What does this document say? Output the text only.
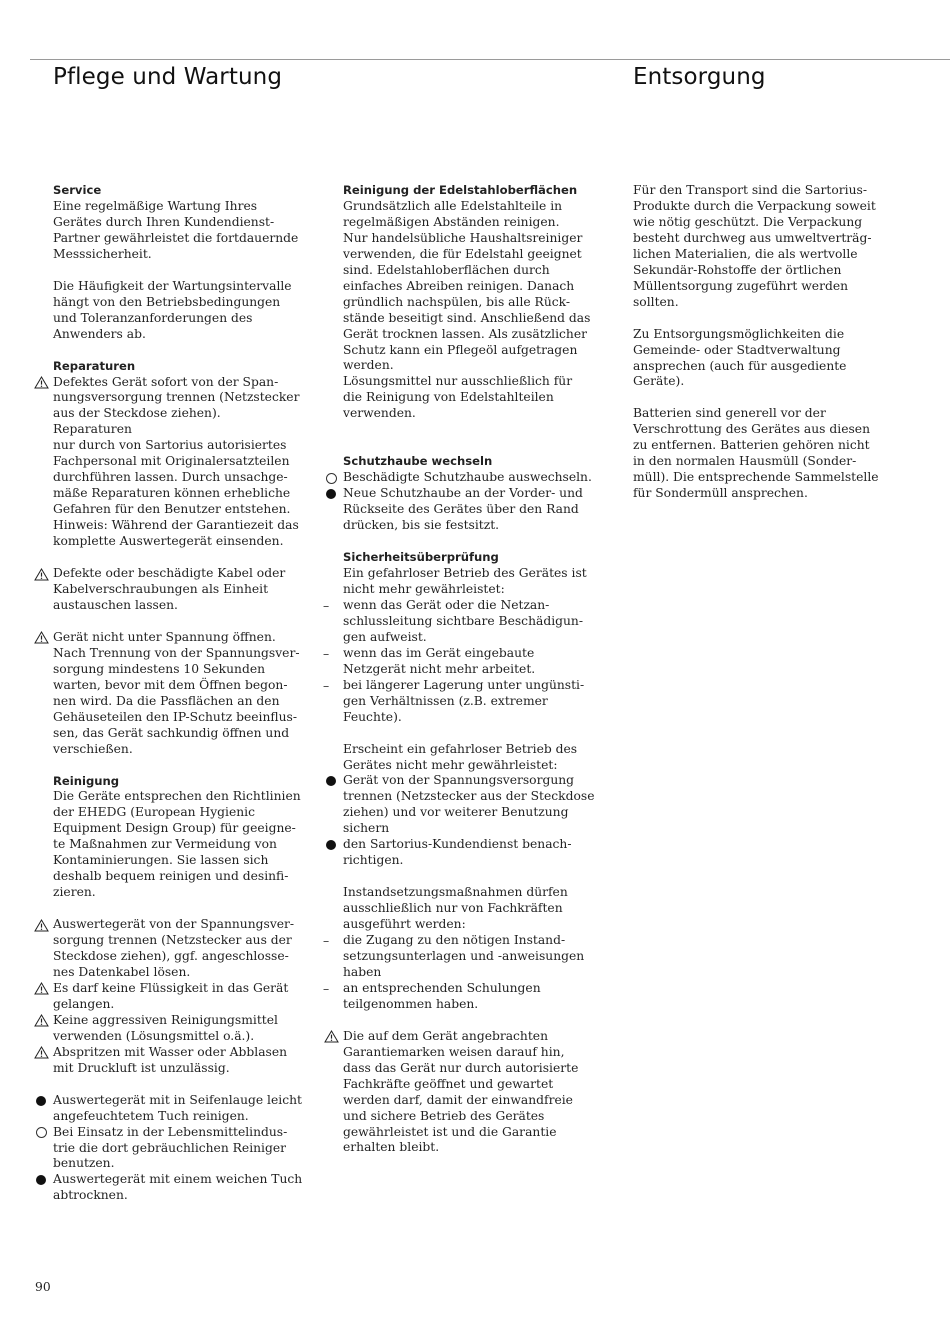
Pflege und Wartung	Entsorgung

Service

Eine regelmäßige Wartung Ihres
Gerätes durch Ihren Kundendienst-
Partner gewährleistet die fortdauernde
Messsicherheit.
Die Häufigkeit der Wartungsintervalle
hängt von den Betriebsbedingungen
und Toleranzanforderungen des
Anwenders ab.

Reparaturen

Defektes Gerät sofort von der Span-
nungsversorgung trennen (Netzstecker
aus der Steckdose ziehen). Reparaturen
nur durch von Sartorius autorisiertes
Fachpersonal mit Originalersatzteilen
durchführen lassen. Durch unsachge-
mäße Reparaturen können erhebliche
Gefahren für den Benutzer entstehen.
Hinweis: Während der Garantiezeit das
komplette Auswertegerät einsenden.
Defekte oder beschädigte Kabel oder
Kabelverschraubungen als Einheit
austauschen lassen.
Gerät nicht unter Spannung öffnen.
Nach Trennung von der Spannungsver-
sorgung mindestens 10 Sekunden
warten, bevor mit dem Öffnen begon-
nen wird. Da die Passflächen an den
Gehäuseteilen den IP-Schutz beeinflus-
sen, das Gerät sachkundig öffnen und
verschießen.

Reinigung

Die Geräte entsprechen den Richtlinien
der EHEDG (European Hygienic
Equipment Design Group) für geeigne-
te Maßnahmen zur Vermeidung von
Kontaminierungen. Sie lassen sich
deshalb bequem reinigen und desinfi-
zieren.
Auswertegerät von der Spannungsver-
sorgung trennen (Netzstecker aus der
Steckdose ziehen), ggf. angeschlosse-
nes Datenkabel lösen.
Es darf keine Flüssigkeit in das Gerät
gelangen.
Keine aggressiven Reinigungsmittel
verwenden (Lösungsmittel o.ä.).
Abspritzen mit Wasser oder Abblasen
mit Druckluft ist unzulässig.
Auswertegerät mit in Seifenlauge leicht
angefeuchtetem Tuch reinigen.
Bei Einsatz in der Lebensmittelindus-
trie die dort gebräuchlichen Reiniger
benutzen.
Auswertegerät mit einem weichen Tuch
abtrocknen.

Reinigung der Edelstahloberflächen

Grundsätzlich alle Edelstahlteile in
regelmäßigen Abständen reinigen.
Nur handelsübliche Haushaltsreiniger
verwenden, die für Edelstahl geeignet
sind. Edelstahloberflächen durch
einfaches Abreiben reinigen. Danach
gründlich nachspülen, bis alle Rück-
stände beseitigt sind. Anschließend das
Gerät trocknen lassen. Als zusätzlicher
Schutz kann ein Pflegeöl aufgetragen
werden.
Lösungsmittel nur ausschließlich für
die Reinigung von Edelstahlteilen
verwenden.

Schutzhaube wechseln

Beschädigte Schutzhaube auswechseln.
Neue Schutzhaube an der Vorder- und
Rückseite des Gerätes über den Rand
drücken, bis sie festsitzt.

Sicherheitsüberprüfung

Ein gefahrloser Betrieb des Gerätes ist
nicht mehr gewährleistet:
–	wenn das Gerät oder die Netzan-
schlussleitung sichtbare Beschädigun-
gen aufweist.
–	wenn das im Gerät eingebaute
Netzgerät nicht mehr arbeitet.
–	bei längerer Lagerung unter ungünsti-
gen Verhältnissen (z.B. extremer
Feuchte).
Erscheint ein gefahrloser Betrieb des
Gerätes nicht mehr gewährleistet:
Gerät von der Spannungsversorgung
trennen (Netzstecker aus der Steckdose
ziehen) und vor weiterer Benutzung
sichern
den Sartorius-Kundendienst benach-
richtigen.
Instandsetzungsmaßnahmen dürfen
ausschließlich nur von Fachkräften
ausgeführt werden:
–	die Zugang zu den nötigen Instand-
setzungsunterlagen und -anweisungen
haben
–	an entsprechenden Schulungen
teilgenommen haben.
Die auf dem Gerät angebrachten
Garantiemarken weisen darauf hin,
dass das Gerät nur durch autorisierte
Fachkräfte geöffnet und gewartet
werden darf, damit der einwandfreie
und sichere Betrieb des Gerätes
gewährleistet ist und die Garantie
erhalten bleibt.
Für den Transport sind die Sartorius-
Produkte durch die Verpackung soweit
wie nötig geschützt. Die Verpackung
besteht durchweg aus umweltverträg-
lichen Materialien, die als wertvolle
Sekundär-Rohstoffe der örtlichen
Müllentsorgung zugeführt werden
sollten.
Zu Entsorgungsmöglichkeiten die
Gemeinde- oder Stadtverwaltung
ansprechen (auch für ausgediente
Geräte).
Batterien sind generell vor der
Verschrottung des Gerätes aus diesen
zu entfernen. Batterien gehören nicht
in den normalen Hausmüll (Sonder-
müll). Die entsprechende Sammelstelle
für Sondermüll ansprechen.
90
